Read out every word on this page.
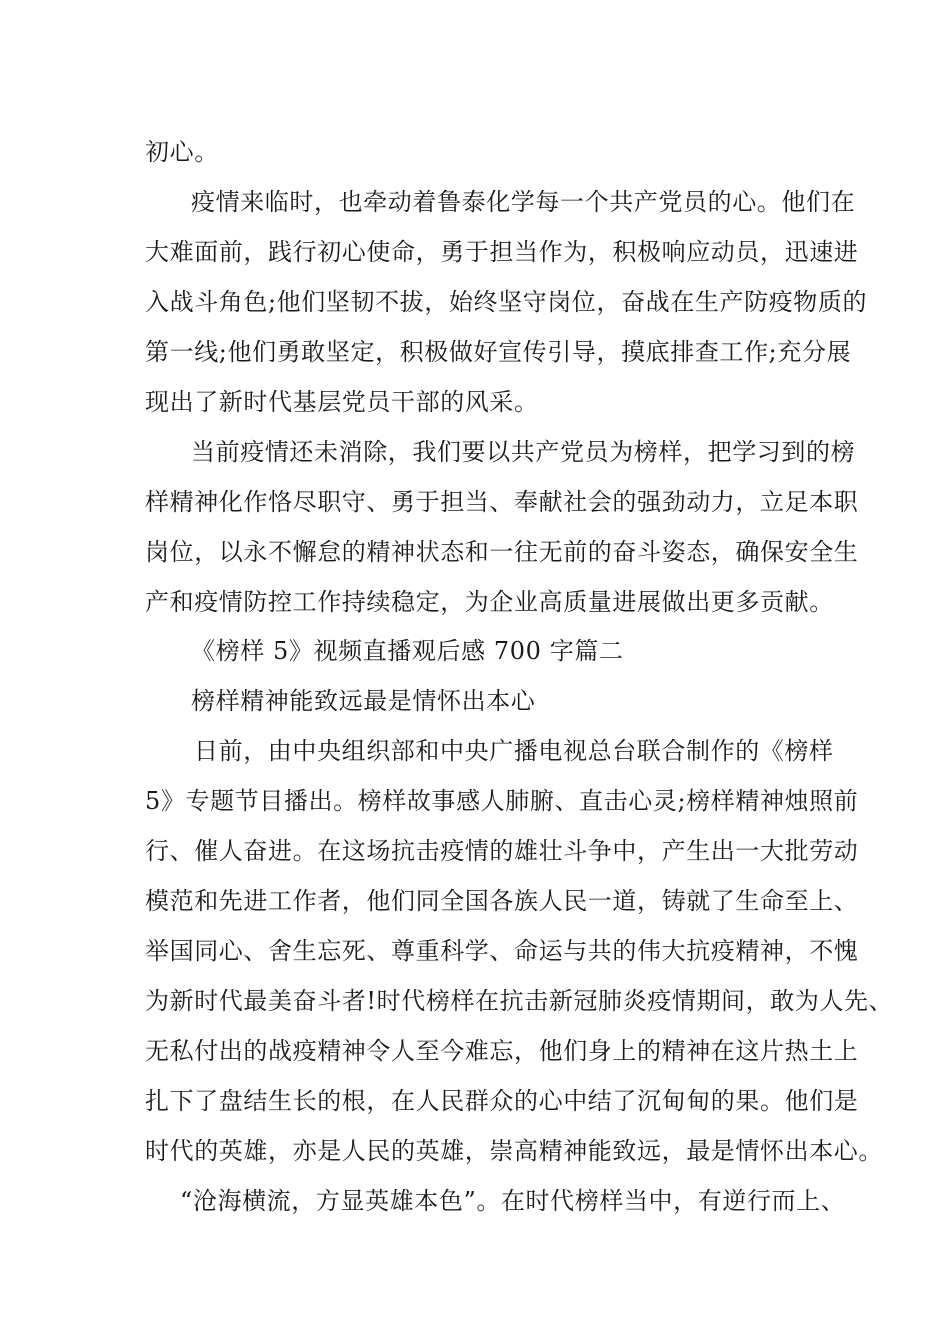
初心。
疫情来临时，也牵动着鲁泰化学每一个共产党员的心。他们在
大难面前，践行初心使命，勇于担当作为，积极响应动员，迅速进
入战斗角色;他们坚韧不拔，始终坚守岗位，奋战在生产防疫物质的
第一线;他们勇敢坚定，积极做好宣传引导，摸底排查工作;充分展
现出了新时代基层党员干部的风采。
当前疫情还未消除，我们要以共产党员为榜样，把学习到的榜
样精神化作恪尽职守、勇于担当、奉献社会的强劲动力，立足本职
岗位，以永不懈怠的精神状态和一往无前的奋斗姿态，确保安全生
产和疫情防控工作持续稳定，为企业高质量进展做出更多贡献。
《榜样 5》视频直播观后感 700 字篇二
榜样精神能致远最是情怀出本心
日前，由中央组织部和中央广播电视总台联合制作的《榜样
5》专题节目播出。榜样故事感人肺腑、直击心灵;榜样精神烛照前
行、催人奋进。在这场抗击疫情的雄壮斗争中，产生出一大批劳动
模范和先进工作者，他们同全国各族人民一道，铸就了生命至上、
举国同心、舍生忘死、尊重科学、命运与共的伟大抗疫精神，不愧
为新时代最美奋斗者!时代榜样在抗击新冠肺炎疫情期间，敢为人先、
无私付出的战疫精神令人至今难忘，他们身上的精神在这片热土上
扎下了盘结生长的根，在人民群众的心中结了沉甸甸的果。他们是
时代的英雄，亦是人民的英雄，崇高精神能致远，最是情怀出本心。
“沧海横流，方显英雄本色”。在时代榜样当中，有逆行而上、
